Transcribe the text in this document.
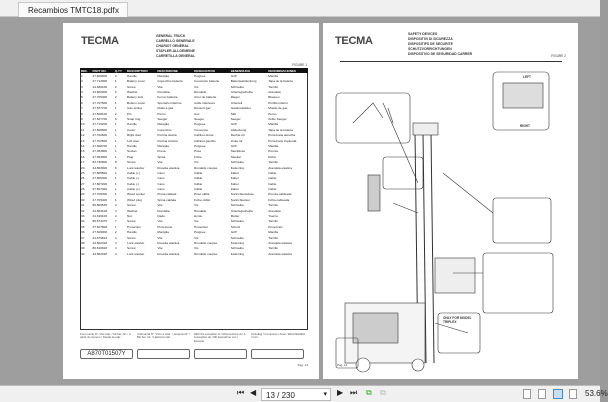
Recambios TMTC18.pdf x
TECMA	GENERAL TRUCK
CARRELLO GENERALE
CHARIOT GENERAL
STAPLER-ALLGEMEINE
CARRETILLA GENERAL
FIGURE 1
REF.	PART NO.	Q.TY	DESCRIPTION	DESCRIZIONE	DESIGNATION	BENENNUNG	DENOMINACIONES
1	27.609000	4	Handle	Maniglia	Poignee	Griff	Manilla
2	27.713000	1	Battery cover	Coperchio batteria	Couvercle batterie	Batterieabdeckung	Tapa de la bateria
3	44.680100	2	Screw	Vite	Vis	Schraube	Tornillo
4	44.802000	2	Washer	Rondella	Rondelle	Unterlegscheibe	Arandela
5	27.705400	2	Battery lock	Fermo batteria	Arret de batterie	Riegel	Bloqueo
6	27.707500	1	Bottom cover	Sportello inferiore	Grille inferieure	Unterteil	Portillo inferior
7	27.537700	1	Gas spring	Molla a gas	Ressort gaz	Gasdruckfeder	Muelle de gas
8	27.508100	2	Pin	Perno	Axe	Stift	Perno
9	27.607700	6	Snap ring	Seeger	Seeger	Seeger	Anillo Seeger
10	27.719200	1	Handle	Maniglia	Poignee	Griff	Manilla
11	27.508600	1	Cover	Coperchio	Couvercle	Abdeckung	Tapa de la bateria
12	27.702600	1	Right door	Portina destra	Cabinet droite	Rechte tür	Portezuela derecha
13	27.702500	1	Left door	Portina sinistra	Cabinet gauche	Linke tür	Portezuela izquierda
14	27.608700	1	Handle	Maniglia	Poignee	Griff	Manilla
15	27.353800	1	Socket	Presa	Prise	Steckdose	Prensa
16	27.353900	1	Plug	Spina	Fiche	Stecker	Ficha
17	83.730800	8	Screw	Vite	Vis	Schraube	Tornillo
20	44.803000	8	Lock washer	Rosetta elastica	Rondelle coupée	Federring	Arandela elastica
25	27.805500	1	Cable (+)	Cavo	Câble	Kabel	Cable
26	27.805300	1	Cable (-)	Cavo	Câble	Kabel	Cable
27	27.807200	1	Cable (-)	Cavo	Câble	Kabel	Cable
28	27.807300	1	Cable (+)	Cavo	Câble	Kabel	Cable
29	27.705300	1	Wired socket	Presa cablata	Prise câblé	Sockt-Steckdose	Prensa cableada
30	27.705400	1	Wired plug	Spina cablata	Fiche câblé	Sockt-Stecker	Ficha cableada
31	86.800525	4	Screw	Vite	Vis	Schraube	Tornillo
32	44.803100	4	Washer	Rondella	Rondelle	Unterlegscheibe	Arandela
33	44.810100	4	Nut	Dado	Ecrou	Mutter	Tuerca
34	86.874475	7	Screw	Vite	Vis	Schraube	Tornillo
35	27.607800	1	Protection	Protezione	Protection	Schutz	Protección
36	27.609000	2	Handle	Maniglia	Poignee	Griff	Manilla
37	31.879813	4	Screw	Vite	Vis	Schraube	Tornillo
38	44.802018	4	Lock washer	Rosetta elastica	Rondelle coupée	Federring	Arandela elastica
39	86.810818	4	Screw	Vite	Vis	Schraube	Tornillo
40	44.802018	4	Lock washer	Rosetta elastica	Rondelle coupée	Federring	Arandela elastica
From serial N° / Da matr. / Ab Ser.-Nr. / A partir du numero / Desde la matr.:
Until serial N° / Fino a matr. / Jusqu'au N° / Bis Ser.-Nr. / Hasta la matr.:
With the exception of / All'eccezione di / A l'exception de / Mit Ausnahme von / Excepto:
Including / Compreso / Avec / Einschließlich / Con:
A870T01507Y
Pag. 13
TECMA
SAFETY DEVICES
DISPOSITIVI DI SICUREZZA
DISPOSITIFS DE SECURITE
SCHUTZVORRICHTUNGEN
DISPOSITIVO DE SEGURIDAD CARRER	FIGURE 2
LEFT
RIGHT
ONLY FOR MODEL TRIPLEX
Pag. 14
⏮ ◀	13 / 230	▾ ▶ ⏭ ⧉ ⧉	53.6%
